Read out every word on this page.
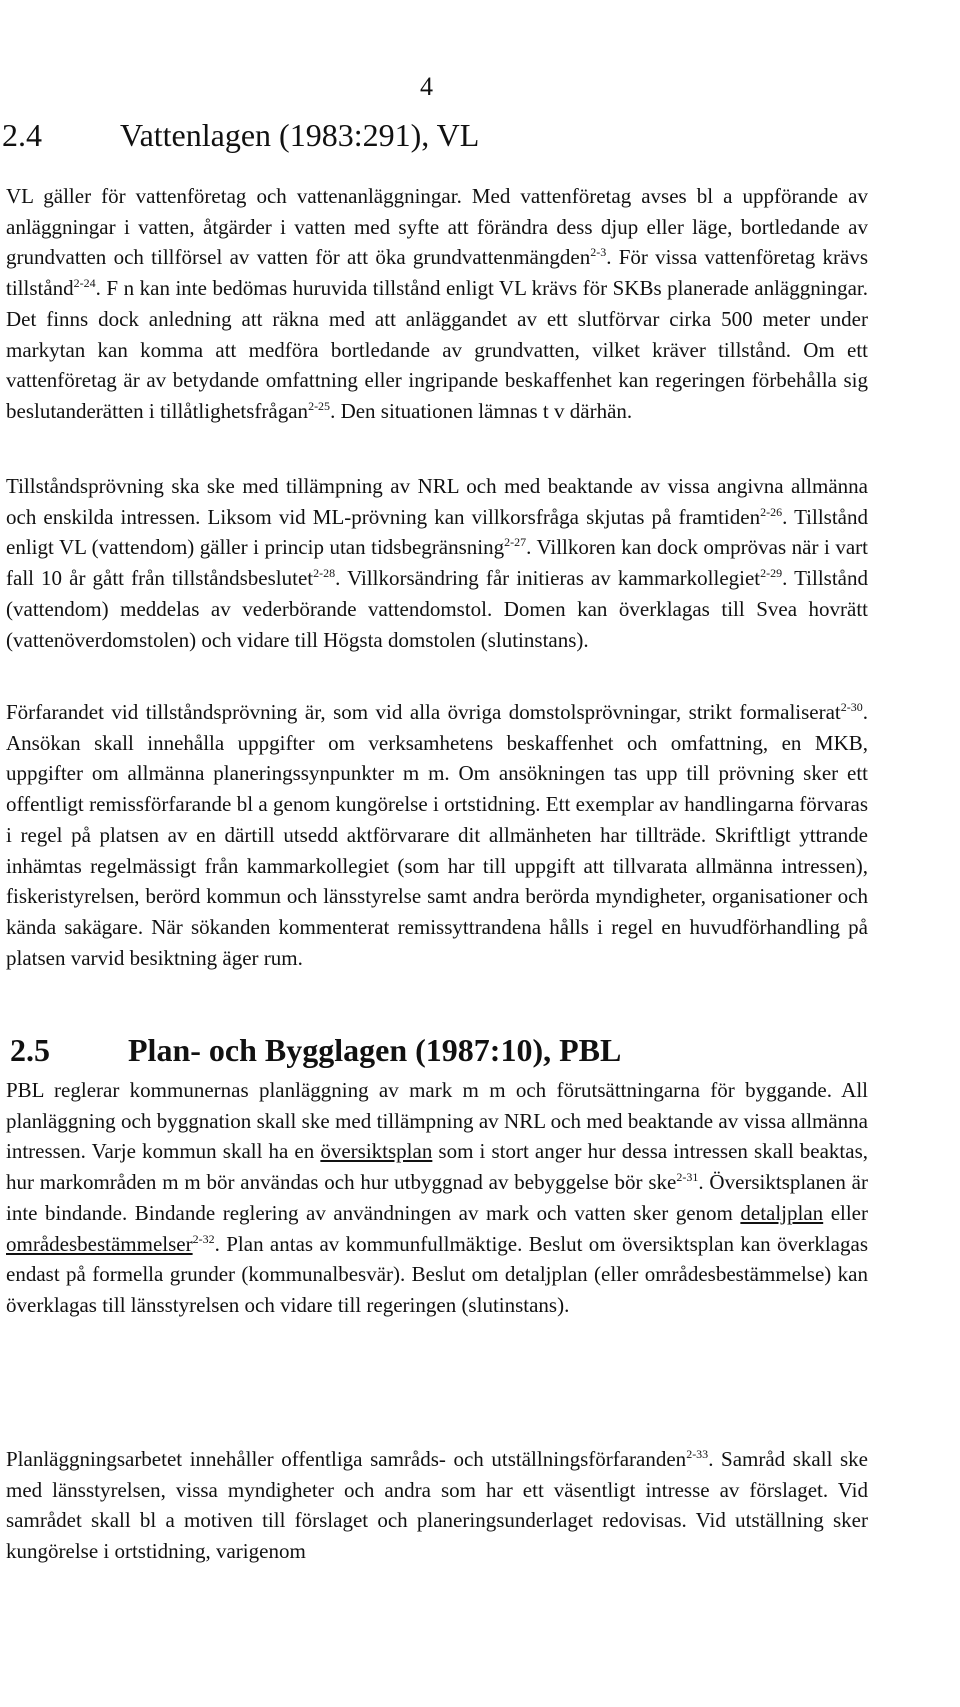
4
2.4 Vattenlagen (1983:291), VL

VL gäller för vattenföretag och vattenanläggningar. Med vattenföretag avses bl a uppförande av anläggningar i vatten, åtgärder i vatten med syfte att förändra dess djup eller läge, bortledande av grundvatten och tillförsel av vatten för att öka grundvattenmängden$^{2-3}$. För vissa vattenföretag krävs tillstånd$^{2-24}$. F n kan inte bedömas huruvida tillstånd enligt VL krävs för SKBs planerade anläggningar. Det finns dock anledning att räkna med att anläggandet av ett slutförvar cirka 500 meter under markytan kan komma att medföra bortledande av grundvatten, vilket kräver tillstånd. Om ett vattenföretag är av betydande omfattning eller ingripande beskaffenhet kan regeringen förbehålla sig beslutanderätten i tillåtlighetsfrågan$^{2-25}$. Den situationen lämnas t v därhän.

Tillståndsprövning ska ske med tillämpning av NRL och med beaktande av vissa angivna allmänna och enskilda intressen. Liksom vid ML-prövning kan villkorsfråga skjutas på framtiden$^{2-26}$. Tillstånd enligt VL (vattendom) gäller i princip utan tidsbegränsning$^{2-27}$. Villkoren kan dock omprövas när i vart fall 10 år gått från tillståndsbeslutet$^{2-28}$. Villkorsändring får initieras av kammarkollegiet$^{2-29}$. Tillstånd (vattendom) meddelas av vederbörande vattendomstol. Domen kan överklagas till Svea hovrätt (vattenöverdomstolen) och vidare till Högsta domstolen (slutinstans).

Förfarandet vid tillståndsprövning är, som vid alla övriga domstolsprövningar, strikt formaliserat$^{2-30}$. Ansökan skall innehålla uppgifter om verksamhetens beskaffenhet och omfattning, en MKB, uppgifter om allmänna planeringssynpunkter m m. Om ansökningen tas upp till prövning sker ett offentligt remissförfarande bl a genom kungörelse i ortstidning. Ett exemplar av handlingarna förvaras i regel på platsen av en därtill utsedd aktförvarare dit allmänheten har tillträde. Skriftligt yttrande inhämtas regelmässigt från kammarkollegiet (som har till uppgift att tillvarata allmänna intressen), fiskeristyrelsen, berörd kommun och länsstyrelse samt andra berörda myndigheter, organisationer och kända sakägare. När sökanden kommenterat remissyttrandena hålls i regel en huvudförhandling på platsen varvid besiktning äger rum.

2.5 Plan- och Bygglagen (1987:10), PBL

PBL reglerar kommunernas planläggning av mark m m och förutsättningarna för byggande. All planläggning och byggnation skall ske med tillämpning av NRL och med beaktande av vissa allmänna intressen. Varje kommun skall ha en översiktsplan som i stort anger hur dessa intressen skall beaktas, hur markområden m m bör användas och hur utbyggnad av bebyggelse bör ske$^{2-31}$. Översiktsplanen är inte bindande. Bindande reglering av användningen av mark och vatten sker genom detaljplan eller områdesbestämmelser$^{2-32}$. Plan antas av kommunfullmäktige. Beslut om översiktsplan kan överklagas endast på formella grunder (kommunalbesvär). Beslut om detaljplan (eller områdesbestämmelse) kan överklagas till länsstyrelsen och vidare till regeringen (slutinstans).

Planläggningsarbetet innehåller offentliga samråds- och utställningsförfaranden$^{2-33}$. Samråd skall ske med länsstyrelsen, vissa myndigheter och andra som har ett väsentligt intresse av förslaget. Vid samrådet skall bl a motiven till förslaget och planeringsunderlaget redovisas. Vid utställning sker kungörelse i ortstidning, varigenom
